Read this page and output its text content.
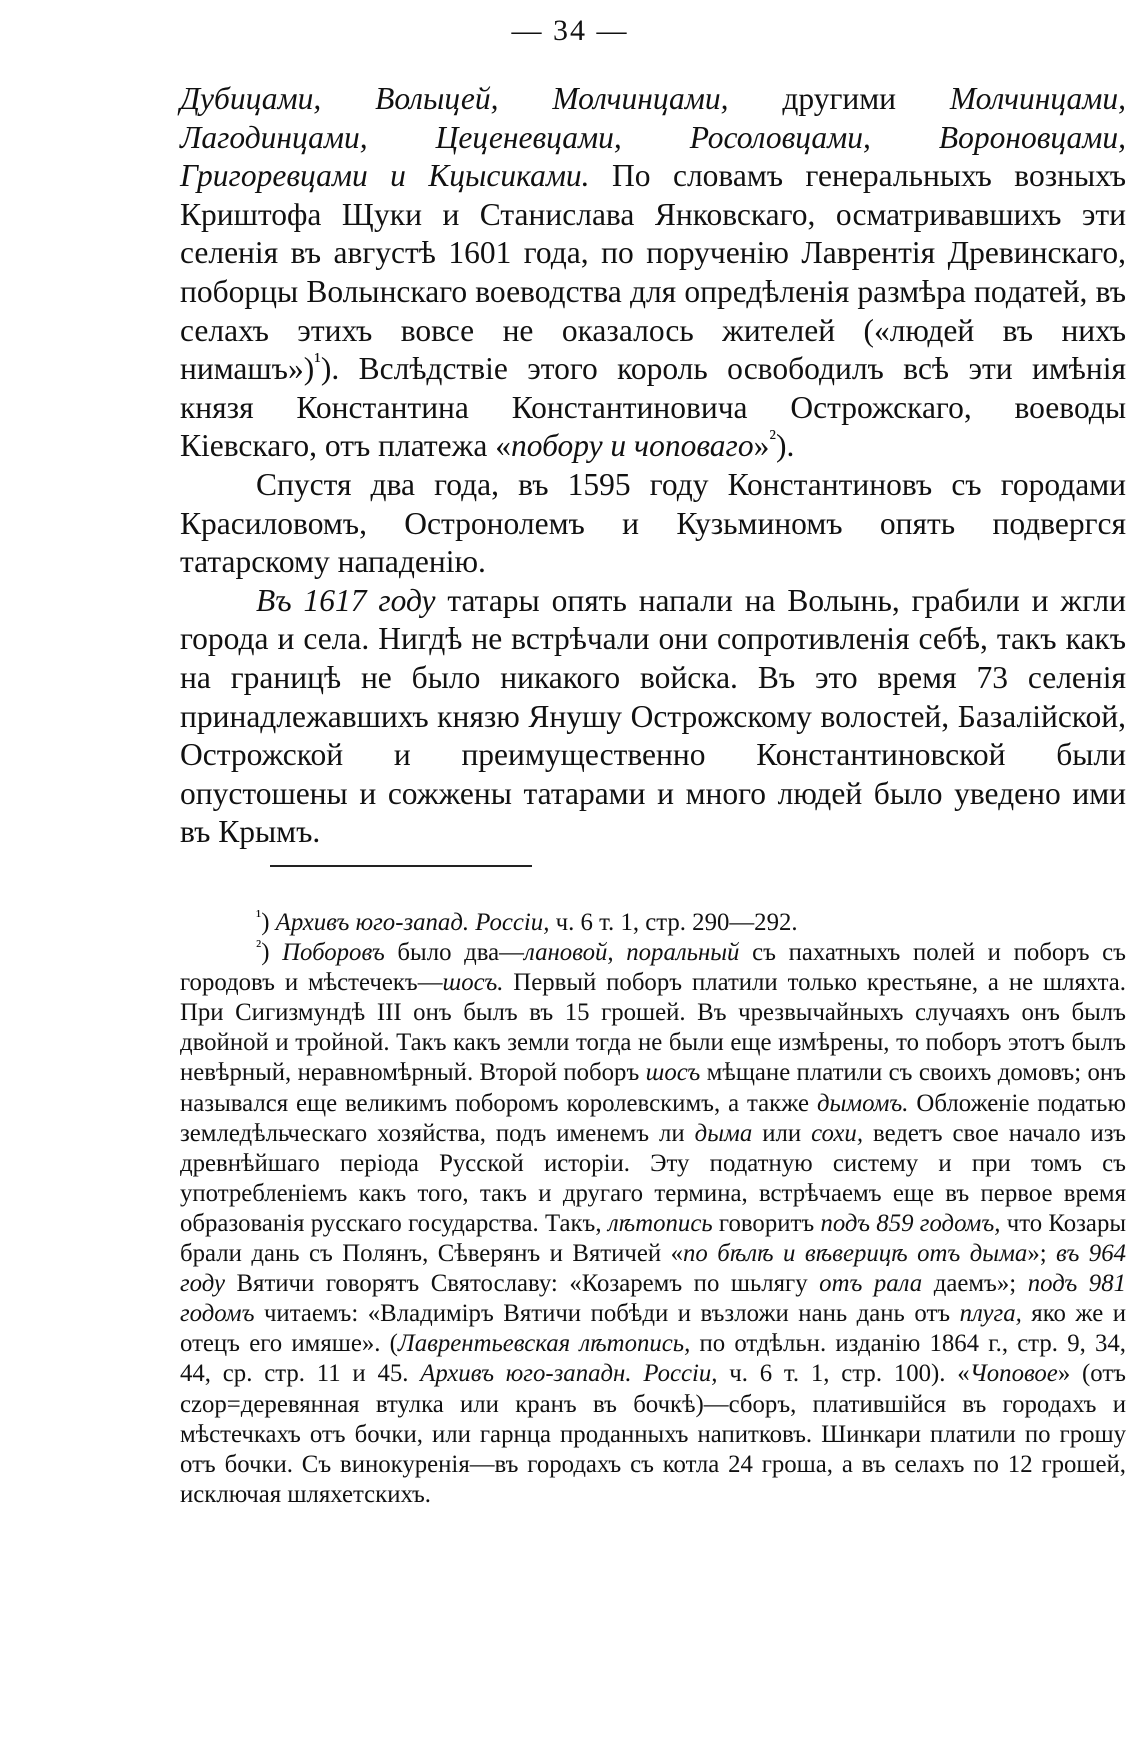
— 34 —

Дубицами, Волыцей, Молчинцами, другими Молчинцами, Лагодинцами, Цеценевцами, Росоловцами, Вороновцами, Григоревцами и Кцысиками. По словамъ генеральныхъ возныхъ Криштофа Щуки и Станислава Янковскаго, осматривавшихъ эти селенія въ августѣ 1601 года, по порученію Лаврентія Древинскаго, поборцы Волынскаго воеводства для опредѣленія размѣра податей, въ селахъ этихъ вовсе не оказалось жителей («людей въ нихъ нимашъ»)$^{^1}$). Вслѣдствіе этого король освободилъ всѣ эти имѣнія князя Константина Константиновича Острожскаго, воеводы Кіевскаго, отъ платежа «побору и чоповаго»$^{^2}$).

Спустя два года, въ 1595 году Константиновъ съ городами Красиловомъ, Остронолемъ и Кузьминомъ опять подвергся татарскому нападенію.

Въ 1617 году татары опять напали на Волынь, грабили и жгли города и села. Нигдѣ не встрѣчали они сопротивленія себѣ, такъ какъ на границѣ не было никакого войска. Въ это время 73 селенія принадлежавшихъ князю Янушу Острожскому волостей, Базалійской, Острожской и преимущественно Константиновской были опустошены и сожжены татарами и много людей было уведено ими въ Крымъ.

$^{^1}$) Архивъ юго-запад. Россіи, ч. 6 т. 1, стр. 290—292.

$^{^2}$) Поборовъ было два—лановой, поральный съ пахатныхъ полей и поборъ съ городовъ и мѣстечекъ—шосъ. Первый поборъ платили только крестьяне, а не шляхта. При Сигизмундѣ III онъ былъ въ 15 грошей. Въ чрезвычайныхъ случаяхъ онъ былъ двойной и тройной. Такъ какъ земли тогда не были еще измѣрены, то поборъ этотъ былъ невѣрный, неравномѣрный. Второй поборъ шосъ мѣщане платили съ своихъ домовъ; онъ назывался еще великимъ поборомъ королевскимъ, а также дымомъ. Обложеніе податью земледѣльческаго хозяйства, подъ именемъ ли дыма или сохи, ведетъ свое начало изъ древнѣйшаго періода Русской исторіи. Эту податную систему и при томъ съ употребленіемъ какъ того, такъ и другаго термина, встрѣчаемъ еще въ первое время образованія русскаго государства. Такъ, лѣтопись говоритъ подъ 859 годомъ, что Козары брали дань съ Полянъ, Сѣверянъ и Вятичей «по бѣлѣ и вѣверицѣ отъ дыма»; въ 964 году Вятичи говорятъ Святославу: «Козаремъ по шьлягу отъ рала даемъ»; подъ 981 годомъ читаемъ: «Владиміръ Вятичи побѣди и възложи нань дань отъ плуга, яко же и отецъ его имяше». (Лаврентьевская лѣтопись, по отдѣльн. изданію 1864 г., стр. 9, 34, 44, ср. стр. 11 и 45. Архивъ юго-западн. Россіи, ч. 6 т. 1, стр. 100). «Чоповое» (отъ czop=деревянная втулка или кранъ въ бочкѣ)—сборъ, платившійся въ городахъ и мѣстечкахъ отъ бочки, или гарнца проданныхъ напитковъ. Шинкари платили по грошу отъ бочки. Съ винокуренія—въ городахъ съ котла 24 гроша, а въ селахъ по 12 грошей, исключая шляхетскихъ.
